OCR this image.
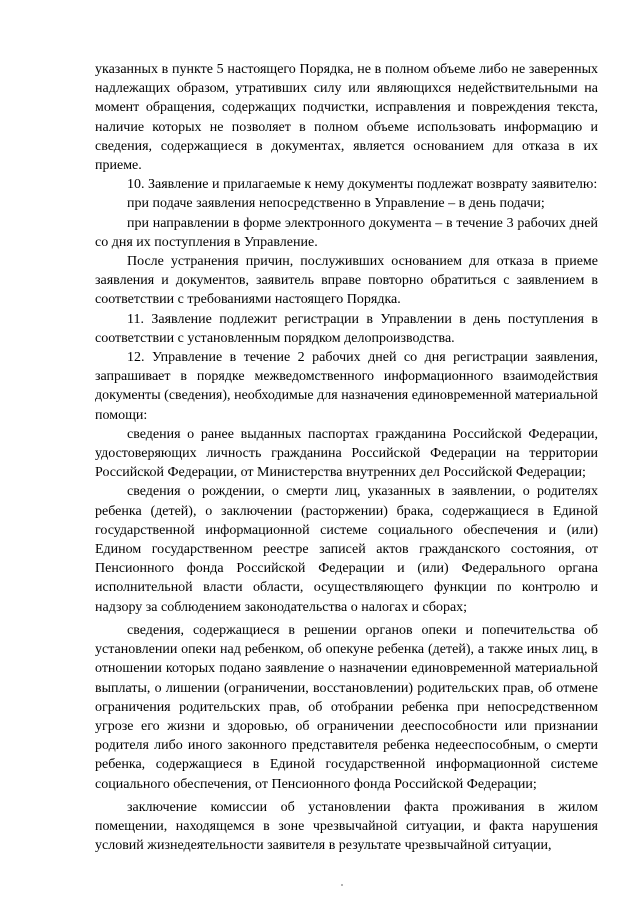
указанных в пункте 5 настоящего Порядка, не в полном объеме либо не заверенных надлежащих образом, утративших силу или являющихся недействительными на момент обращения, содержащих подчистки, исправления и повреждения текста, наличие которых не позволяет в полном объеме использовать информацию и сведения, содержащиеся в документах, является основанием для отказа в их приеме.

10. Заявление и прилагаемые к нему документы подлежат возврату заявителю:

при подаче заявления непосредственно в Управление – в день подачи;

при направлении в форме электронного документа – в течение 3 рабочих дней со дня их поступления в Управление.

После устранения причин, послуживших основанием для отказа в приеме заявления и документов, заявитель вправе повторно обратиться с заявлением в соответствии с требованиями настоящего Порядка.

11. Заявление подлежит регистрации в Управлении в день поступления в соответствии с установленным порядком делопроизводства.

12. Управление в течение 2 рабочих дней со дня регистрации заявления, запрашивает в порядке межведомственного информационного взаимодействия документы (сведения), необходимые для назначения единовременной материальной помощи:

сведения о ранее выданных паспортах гражданина Российской Федерации, удостоверяющих личность гражданина Российской Федерации на территории Российской Федерации, от Министерства внутренних дел Российской Федерации;

сведения о рождении, о смерти лиц, указанных в заявлении, о родителях ребенка (детей), о заключении (расторжении) брака, содержащиеся в Единой государственной информационной системе социального обеспечения и (или) Едином государственном реестре записей актов гражданского состояния, от Пенсионного фонда Российской Федерации и (или) Федерального органа исполнительной власти области, осуществляющего функции по контролю и надзору за соблюдением законодательства о налогах и сборах;

сведения, содержащиеся в решении органов опеки и попечительства об установлении опеки над ребенком, об опекуне ребенка (детей), а также иных лиц, в отношении которых подано заявление о назначении единовременной материальной выплаты, о лишении (ограничении, восстановлении) родительских прав, об отмене ограничения родительских прав, об отобрании ребенка при непосредственном угрозе его жизни и здоровью, об ограничении дееспособности или признании родителя либо иного законного представителя ребенка недееспособным, о смерти ребенка, содержащиеся в Единой государственной информационной системе социального обеспечения, от Пенсионного фонда Российской Федерации;

заключение комиссии об установлении факта проживания в жилом помещении, находящемся в зоне чрезвычайной ситуации, и факта нарушения условий жизнедеятельности заявителя в результате чрезвычайной ситуации,
